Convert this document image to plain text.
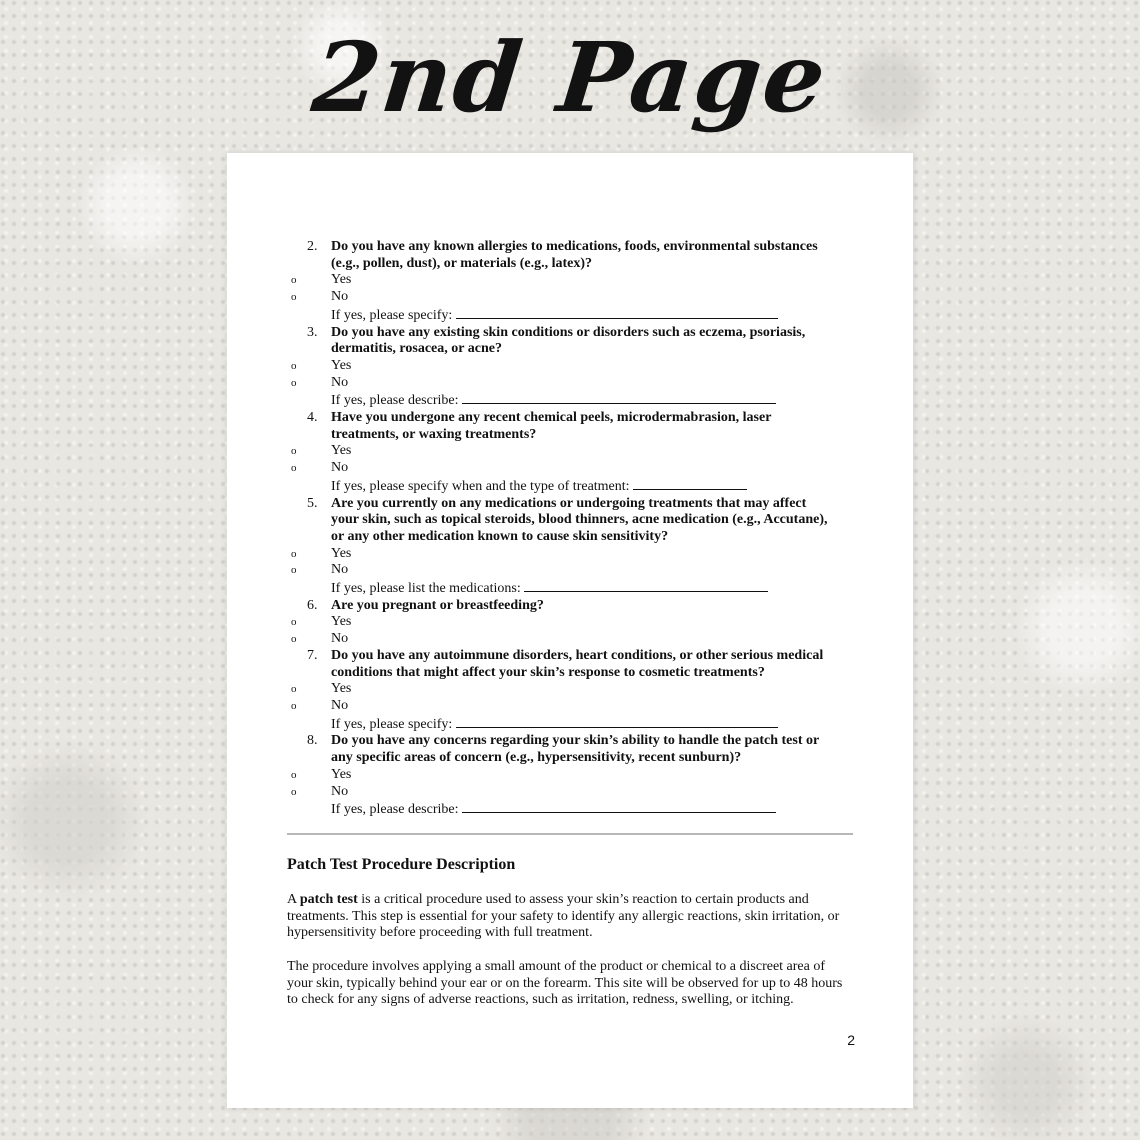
2nd Page
2. Do you have any known allergies to medications, foods, environmental substances
(e.g., pollen, dust), or materials (e.g., latex)?
o Yes
o No
If yes, please specify:
3. Do you have any existing skin conditions or disorders such as eczema, psoriasis,
dermatitis, rosacea, or acne?
o Yes
o No
If yes, please describe:
4. Have you undergone any recent chemical peels, microdermabrasion, laser
treatments, or waxing treatments?
o Yes
o No
If yes, please specify when and the type of treatment:
5. Are you currently on any medications or undergoing treatments that may affect
your skin, such as topical steroids, blood thinners, acne medication (e.g., Accutane),
or any other medication known to cause skin sensitivity?
o Yes
o No
If yes, please list the medications:
6. Are you pregnant or breastfeeding?
o Yes
o No
7. Do you have any autoimmune disorders, heart conditions, or other serious medical
conditions that might affect your skin’s response to cosmetic treatments?
o Yes
o No
If yes, please specify:
8. Do you have any concerns regarding your skin’s ability to handle the patch test or
any specific areas of concern (e.g., hypersensitivity, recent sunburn)?
o Yes
o No
If yes, please describe:
Patch Test Procedure Description

A patch test is a critical procedure used to assess your skin’s reaction to certain products and treatments. This step is essential for your safety to identify any allergic reactions, skin irritation, or hypersensitivity before proceeding with full treatment.

The procedure involves applying a small amount of the product or chemical to a discreet area of your skin, typically behind your ear or on the forearm. This site will be observed for up to 48 hours to check for any signs of adverse reactions, such as irritation, redness, swelling, or itching.

2
